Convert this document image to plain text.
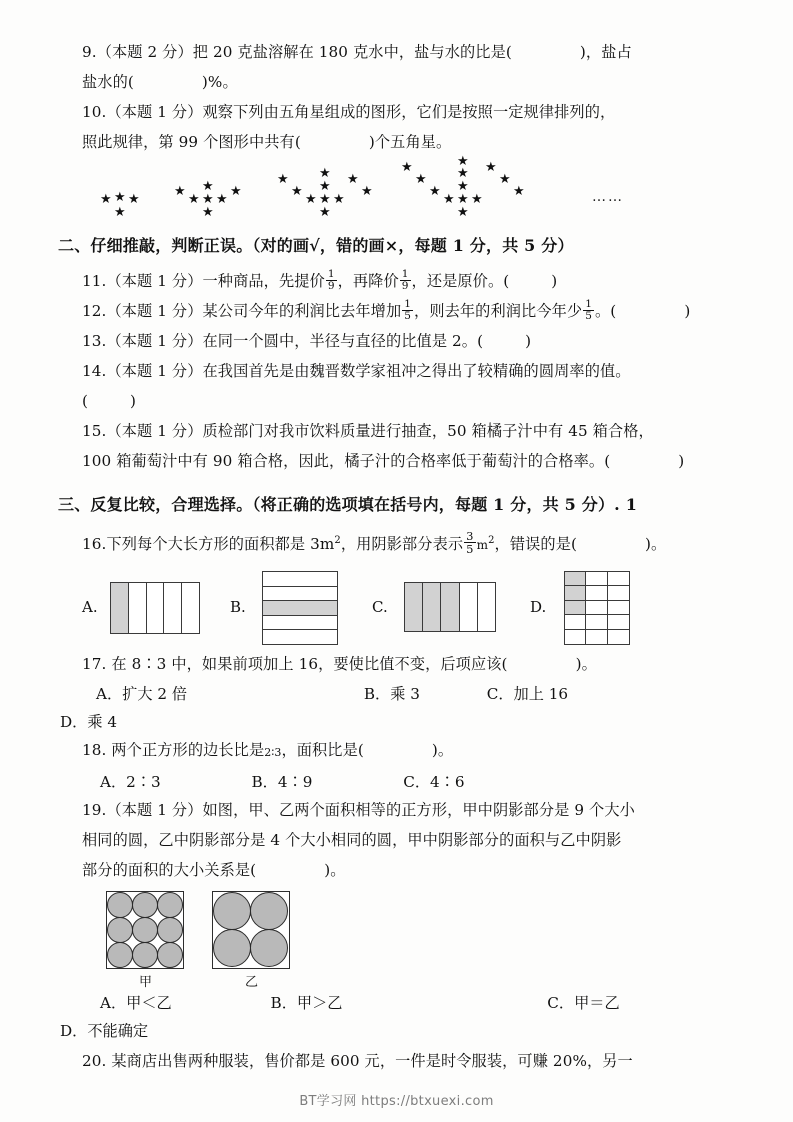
9.（本题 2 分）把 20 克盐溶解在 180 克水中，盐与水的比是(	)，盐占
盐水的(	)%。
10.（本题 1 分）观察下列由五角星组成的图形，它们是按照一定规律排列的，
照此规律，第 99 个图形中共有(	)个五角星。
★ ★ ★
★
★
★ ★ ★
★
★	★
★
★
★ ★ ★
★
★
★
★
★
★
★
★
★ ★ ★
★
★
★
★
★
★
★	……
二、仔细推敲，判断正误。（对的画√，错的画×，每题 1 分，共 5 分）
11.（本题 1 分）一种商品，先提价 $\frac{1}{9}$ ，再降价 $\frac{1}{9}$ ，还是原价。(	)
12.（本题 1 分）某公司今年的利润比去年增加 $\frac{1}{5}$ ，则去年的利润比今年少 $\frac{1}{5}$ 。(	)
13.（本题 1 分）在同一个圆中，半径与直径的比值是 2。(	)
14.（本题 1 分）在我国首先是由魏晋数学家祖冲之得出了较精确的圆周率的值。
(	)
15.（本题 1 分）质检部门对我市饮料质量进行抽查，50 箱橘子汁中有 45 箱合格，
100 箱葡萄汁中有 90 箱合格，因此，橘子汁的合格率低于葡萄汁的合格率。(	)
三、反复比较，合理选择。（将正确的选项填在括号内，每题 1 分，共 5 分）. 1
16.下列每个大长方形的面积都是 $3m^2$，用阴影部分表示 $\frac{3}{5} m^2$，错误的是(	)。
A.	B.	C.	D.
17. 在 8∶3 中，如果前项加上 16，要使比值不变，后项应该(	)。
A．扩大 2 倍	B．乘 3	C．加上 16
D．乘 4
18. 两个正方形的边长比是2∶3，面积比是(	)。
A．2∶3	B．4∶9	C．4∶6
19.（本题 1 分）如图，甲、乙两个面积相等的正方形，甲中阴影部分是 9 个大小
相同的圆，乙中阴影部分是 4 个大小相同的圆，甲中阴影部分的面积与乙中阴影
部分的面积的大小关系是(	)。
甲	乙
A．甲＜乙	B．甲＞乙	C．甲＝乙
D．不能确定
20. 某商店出售两种服装，售价都是 600 元，一件是时令服装，可赚 20%，另一
BT学习网 https://btxuexi.com
